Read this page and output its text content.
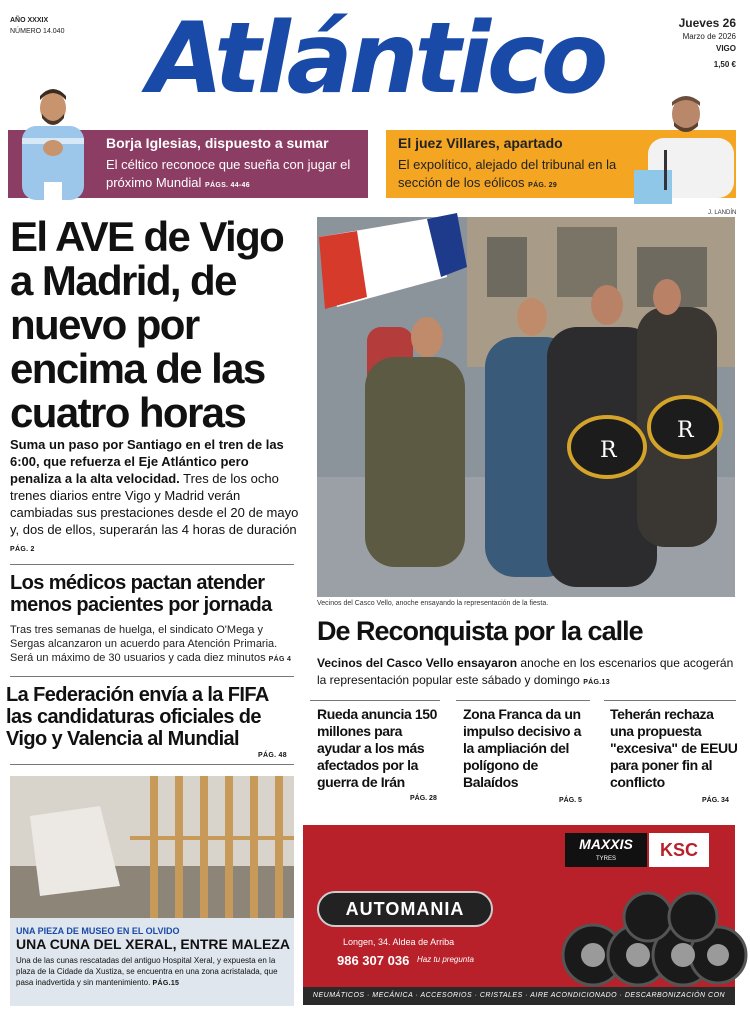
AÑO XXXIX
NÚMERO 14.040 Atlántico	Jueves 26
Marzo de 2026
VIGO
1,50 €
Borja Iglesias, dispuesto a sumar
El céltico reconoce que sueña con jugar el próximo Mundial PÁGS. 44-46
El juez Villares, apartado
El expolítico, alejado del tribunal en la sección de los eólicos PÁG. 29
El AVE de Vigo a Madrid, de nuevo por encima de las cuatro horas
Suma un paso por Santiago en el tren de las 6:00, que refuerza el Eje Atlántico pero penaliza a la alta velocidad. Tres de los ocho trenes diarios entre Vigo y Madrid verán cambiadas sus prestaciones desde el 20 de mayo y, dos de ellos, superarán las 4 horas de duración PÁG. 2
Los médicos pactan atender menos pacientes por jornada
Tras tres semanas de huelga, el sindicato O'Mega y Sergas alcanzaron un acuerdo para Atención Primaria. Será un máximo de 30 usuarios y cada diez minutos PÁG 4
La Federación envía a la FIFA las candidaturas oficiales de Vigo y Valencia al Mundial
PÁG. 48
J. LANDÍN
R
R
Vecinos del Casco Vello, anoche ensayando la representación de la fiesta.
De Reconquista por la calle
Vecinos del Casco Vello ensayaron anoche en los escenarios que acogerán la representación popular este sábado y domingo PÁG.13
Rueda anuncia 150 millones para ayudar a los más afectados por la guerra de Irán
PÁG. 28
Zona Franca da un impulso decisivo a la ampliación del polígono de Balaídos
PÁG. 5
Teherán rechaza una propuesta "excesiva" de EEUU para poner fin al conflicto
PÁG. 34
UNA PIEZA DE MUSEO EN EL OLVIDO
UNA CUNA DEL XERAL, ENTRE MALEZA
Una de las cunas rescatadas del antiguo Hospital Xeral, y expuesta en la plaza de la Cidade da Xustiza, se encuentra en una zona acristalada, que pasa inadvertida y sin mantenimiento. PÁG.15
MAXXIS
TYRES	KSC
AUTOMANIA
Longen, 34. Aldea de Arriba
986 307 036 Haz tu pregunta
NEUMÁTICOS · MECÁNICA · ACCESORIOS · CRISTALES · AIRE ACONDICIONADO · DESCARBONIZACIÓN CON HIDRÓGENO
